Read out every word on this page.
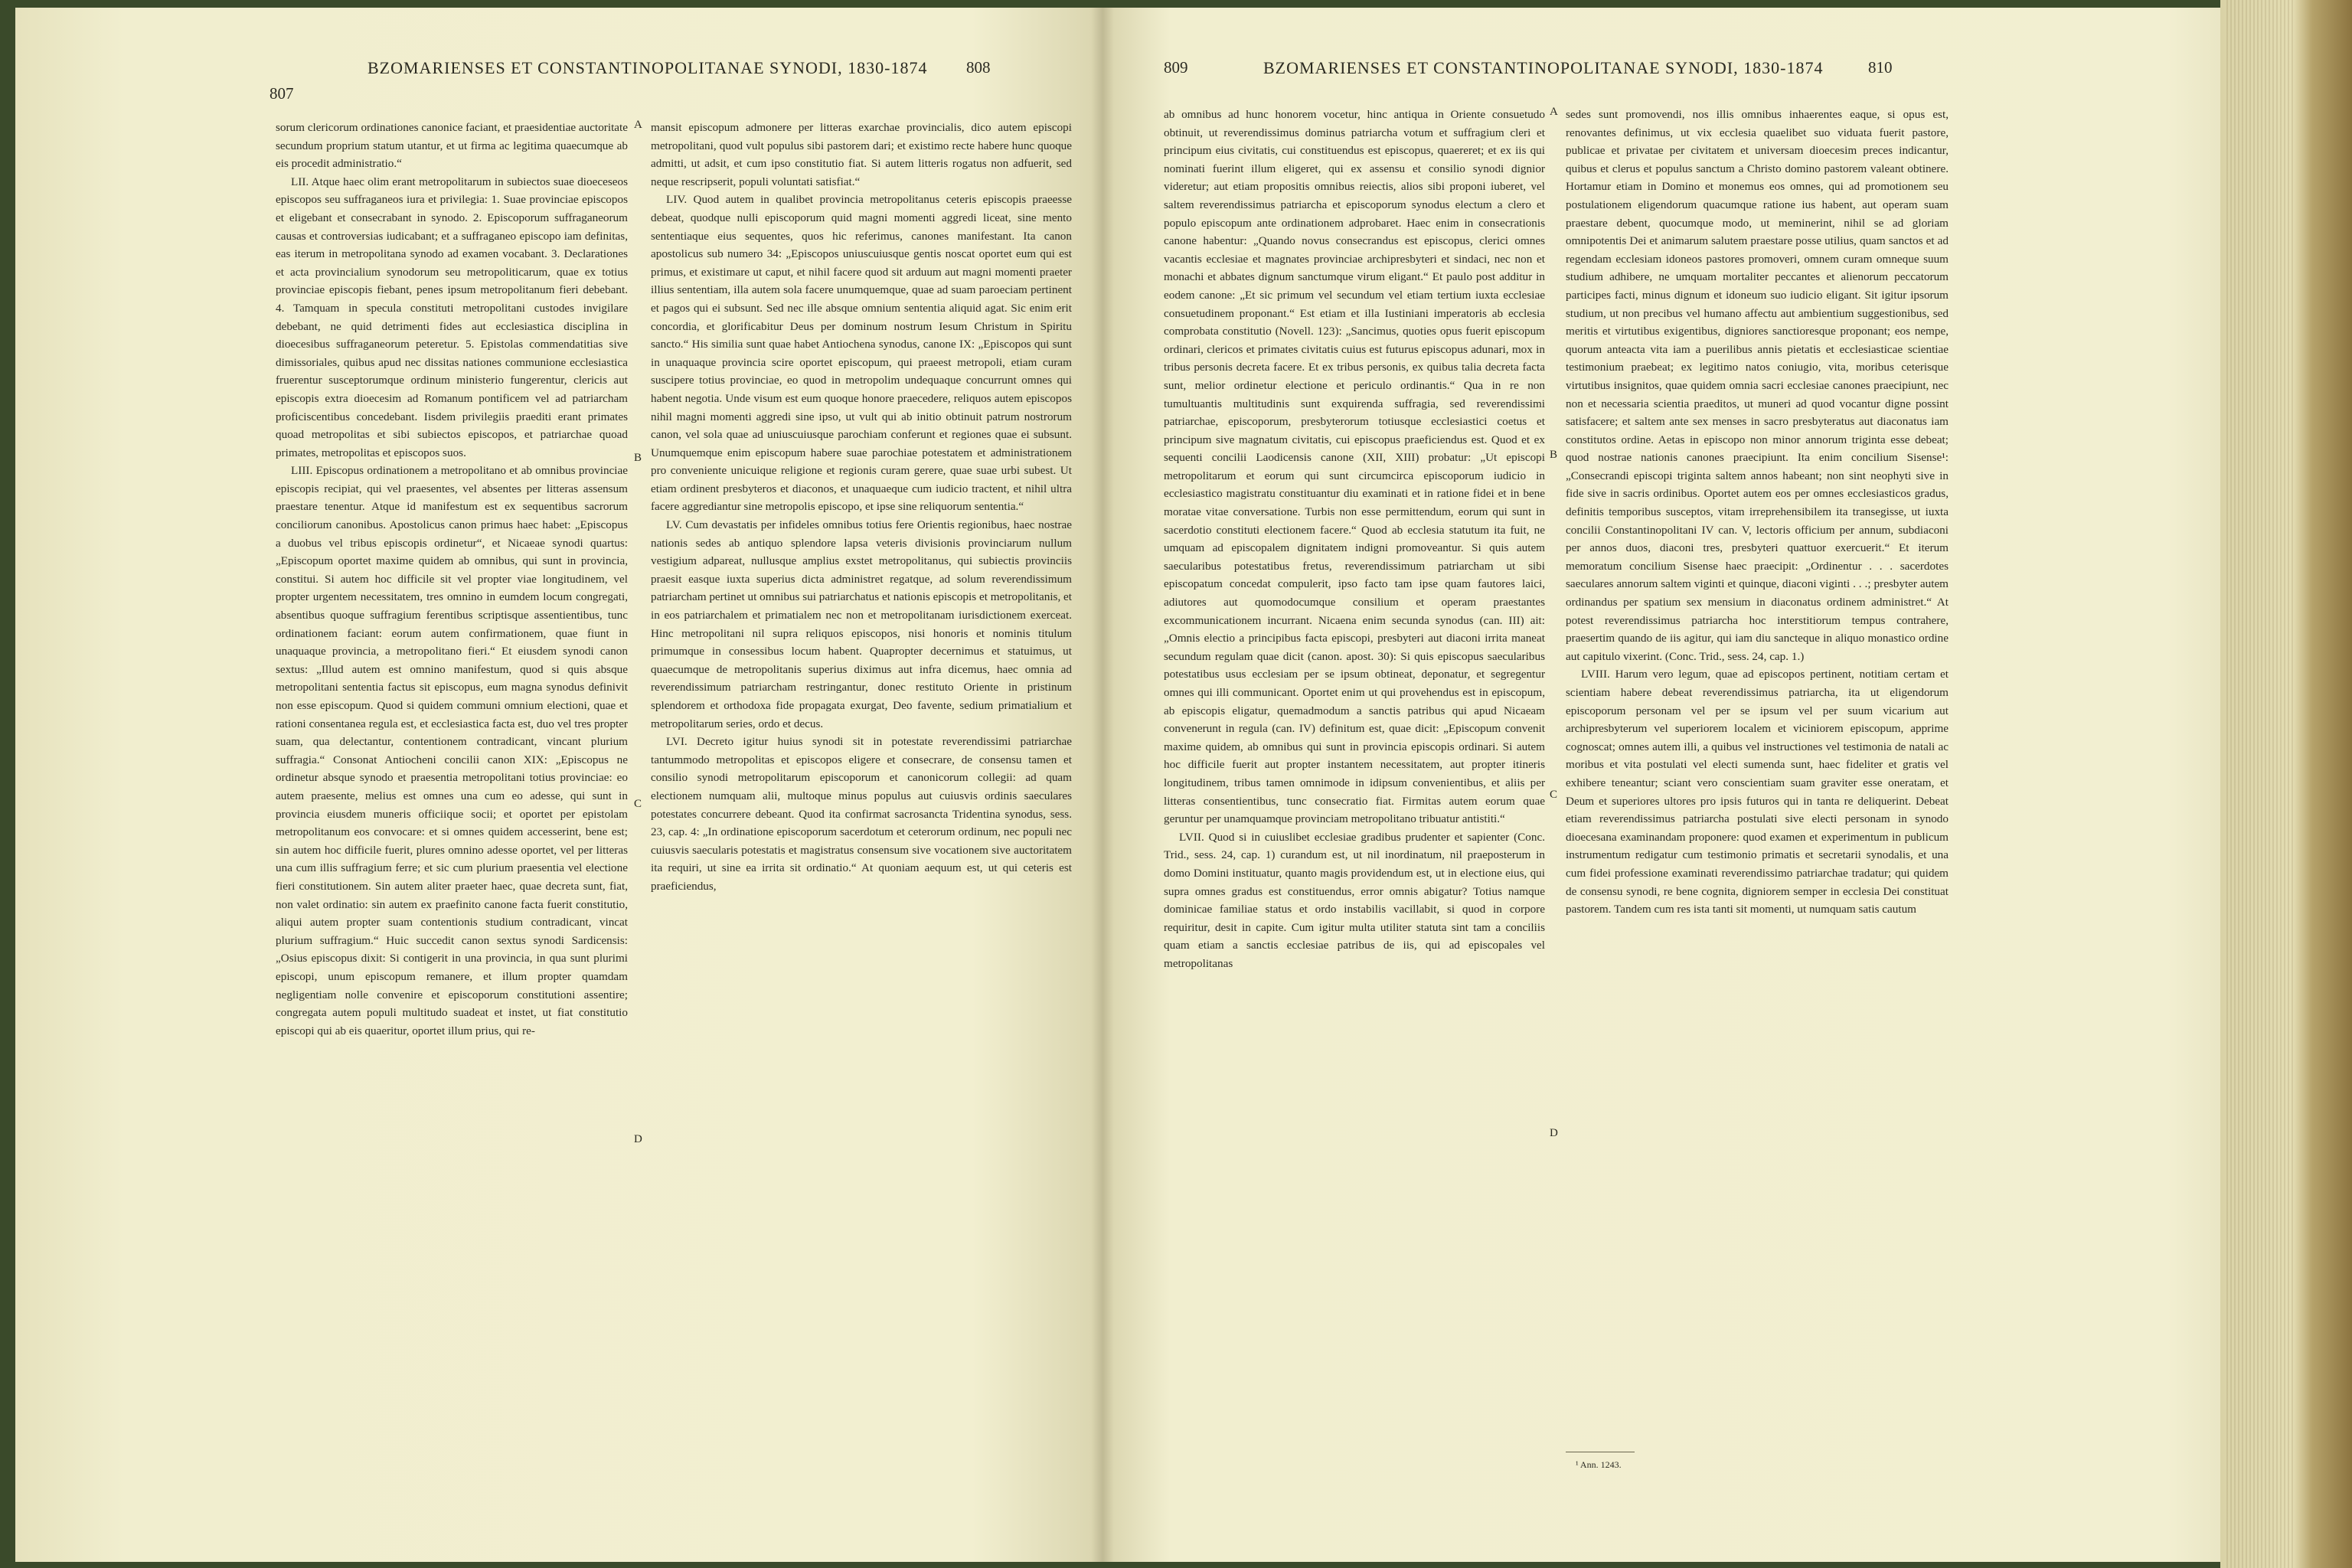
807
BZOMARIENSES ET CONSTANTINOPOLITANAE SYNODI, 1830-1874 808

sorum clericorum ordinationes canonice faciant, et praesidentiae auctoritate secundum proprium statum utantur, et ut firma ac legitima quaecumque ab eis procedit administratio.“

LII. Atque haec olim erant metropolitarum in subiectos suae dioeceseos episcopos seu suffraganeos iura et privilegia: 1. Suae provinciae episcopos et eligebant et consecrabant in synodo. 2. Episcoporum suffraganeorum causas et controversias iudicabant; et a suffraganeo episcopo iam definitas, eas iterum in metropolitana synodo ad examen vocabant. 3. Declarationes et acta provincialium synodorum seu metropoliticarum, quae ex totius provinciae episcopis fiebant, penes ipsum metropolitanum fieri debebant. 4. Tamquam in specula constituti metropolitani custodes invigilare debebant, ne quid detrimenti fides aut ecclesiastica disciplina in dioecesibus suffraganeorum peteretur. 5. Epistolas commendatitias sive dimissoriales, quibus apud nec dissitas nationes communione ecclesiastica fruerentur susceptorumque ordinum ministerio fungerentur, clericis aut episcopis extra dioecesim ad Romanum pontificem vel ad patriarcham proficiscentibus concedebant. Iisdem privilegiis praediti erant primates quoad metropolitas et sibi subiectos episcopos, et patriarchae quoad primates, metropolitas et episcopos suos.

LIII. Episcopus ordinationem a metropolitano et ab omnibus provinciae episcopis recipiat, qui vel praesentes, vel absentes per litteras assensum praestare tenentur. Atque id manifestum est ex sequentibus sacrorum conciliorum canonibus. Apostolicus canon primus haec habet: „Episcopus a duobus vel tribus episcopis ordinetur“, et Nicaeae synodi quartus: „Episcopum oportet maxime quidem ab omnibus, qui sunt in provincia, constitui. Si autem hoc difficile sit vel propter viae longitudinem, vel propter urgentem necessitatem, tres omnino in eumdem locum congregati, absentibus quoque suffragium ferentibus scriptisque assentientibus, tunc ordinationem faciant: eorum autem confirmationem, quae fiunt in unaquaque provincia, a metropolitano fieri.“ Et eiusdem synodi canon sextus: „Illud autem est omnino manifestum, quod si quis absque metropolitani sententia factus sit episcopus, eum magna synodus definivit non esse episcopum. Quod si quidem communi omnium electioni, quae et rationi consentanea regula est, et ecclesiastica facta est, duo vel tres propter suam, qua delectantur, contentionem contradicant, vincant plurium suffragia.“ Consonat Antiocheni concilii canon XIX: „Episcopus ne ordinetur absque synodo et praesentia metropolitani totius provinciae: eo autem praesente, melius est omnes una cum eo adesse, qui sunt in provincia eiusdem muneris officiique socii; et oportet per epistolam metropolitanum eos convocare: et si omnes quidem accesserint, bene est; sin autem hoc difficile fuerit, plures omnino adesse oportet, vel per litteras una cum illis suffragium ferre; et sic cum plurium praesentia vel electione fieri constitutionem. Sin autem aliter praeter haec, quae decreta sunt, fiat, non valet ordinatio: sin autem ex praefinito canone facta fuerit constitutio, aliqui autem propter suam contentionis studium contradicant, vincat plurium suffragium.“ Huic succedit canon sextus synodi Sardicensis: „Osius episcopus dixit: Si contigerit in una provincia, in qua sunt plurimi episcopi, unum episcopum remanere, et illum propter quamdam negligentiam nolle convenire et episcoporum constitutioni assentire; congregata autem populi multitudo suadeat et instet, ut fiat constitutio episcopi qui ab eis quaeritur, oportet illum prius, qui re-

A
B
C
D

mansit episcopum admonere per litteras exarchae provincialis, dico autem episcopi metropolitani, quod vult populus sibi pastorem dari; et existimo recte habere hunc quoque admitti, ut adsit, et cum ipso constitutio fiat. Si autem litteris rogatus non adfuerit, sed neque rescripserit, populi voluntati satisfiat.“

LIV. Quod autem in qualibet provincia metropolitanus ceteris episcopis praeesse debeat, quodque nulli episcoporum quid magni momenti aggredi liceat, sine mento sententiaque eius sequentes, quos hic referimus, canones manifestant. Ita canon apostolicus sub numero 34: „Episcopos uniuscuiusque gentis noscat oportet eum qui est primus, et existimare ut caput, et nihil facere quod sit arduum aut magni momenti praeter illius sententiam, illa autem sola facere unumquemque, quae ad suam paroeciam pertinent et pagos qui ei subsunt. Sed nec ille absque omnium sententia aliquid agat. Sic enim erit concordia, et glorificabitur Deus per dominum nostrum Iesum Christum in Spiritu sancto.“ His similia sunt quae habet Antiochena synodus, canone IX: „Episcopos qui sunt in unaquaque provincia scire oportet episcopum, qui praeest metropoli, etiam curam suscipere totius provinciae, eo quod in metropolim undequaque concurrunt omnes qui habent negotia. Unde visum est eum quoque honore praecedere, reliquos autem episcopos nihil magni momenti aggredi sine ipso, ut vult qui ab initio obtinuit patrum nostrorum canon, vel sola quae ad uniuscuiusque parochiam conferunt et regiones quae ei subsunt. Unumquemque enim episcopum habere suae parochiae potestatem et administrationem pro conveniente unicuique religione et regionis curam gerere, quae suae urbi subest. Ut etiam ordinent presbyteros et diaconos, et unaquaeque cum iudicio tractent, et nihil ultra facere aggrediantur sine metropolis episcopo, et ipse sine reliquorum sententia.“

LV. Cum devastatis per infideles omnibus totius fere Orientis regionibus, haec nostrae nationis sedes ab antiquo splendore lapsa veteris divisionis provinciarum nullum vestigium adpareat, nullusque amplius exstet metropolitanus, qui subiectis provinciis praesit easque iuxta superius dicta administret regatque, ad solum reverendissimum patriarcham pertinet ut omnibus sui patriarchatus et nationis episcopis et metropolitanis, et in eos patriarchalem et primatialem nec non et metropolitanam iurisdictionem exerceat. Hinc metropolitani nil supra reliquos episcopos, nisi honoris et nominis titulum primumque in consessibus locum habent. Quapropter decernimus et statuimus, ut quaecumque de metropolitanis superius diximus aut infra dicemus, haec omnia ad reverendissimum patriarcham restringantur, donec restituto Oriente in pristinum splendorem et orthodoxa fide propagata exurgat, Deo favente, sedium primatialium et metropolitarum series, ordo et decus.

LVI. Decreto igitur huius synodi sit in potestate reverendissimi patriarchae tantummodo metropolitas et episcopos eligere et consecrare, de consensu tamen et consilio synodi metropolitarum episcoporum et canonicorum collegii: ad quam electionem numquam alii, multoque minus populus aut cuiusvis ordinis saeculares potestates concurrere debeant. Quod ita confirmat sacrosancta Tridentina synodus, sess. 23, cap. 4: „In ordinatione episcoporum sacerdotum et ceterorum ordinum, nec populi nec cuiusvis saecularis potestatis et magistratus consensum sive vocationem sive auctoritatem ita requiri, ut sine ea irrita sit ordinatio.“ At quoniam aequum est, ut qui ceteris est praeficiendus,

809	BZOMARIENSES ET CONSTANTINOPOLITANAE SYNODI, 1830-1874	810

ab omnibus ad hunc honorem vocetur, hinc antiqua in Oriente consuetudo obtinuit, ut reverendissimus dominus patriarcha votum et suffragium cleri et principum eius civitatis, cui constituendus est episcopus, quaereret; et ex iis qui nominati fuerint illum eligeret, qui ex assensu et consilio synodi dignior videretur; aut etiam propositis omnibus reiectis, alios sibi proponi iuberet, vel saltem reverendissimus patriarcha et episcoporum synodus electum a clero et populo episcopum ante ordinationem adprobaret. Haec enim in consecrationis canone habentur: „Quando novus consecrandus est episcopus, clerici omnes vacantis ecclesiae et magnates provinciae archipresbyteri et sindaci, nec non et monachi et abbates dignum sanctumque virum eligant.“ Et paulo post additur in eodem canone: „Et sic primum vel secundum vel etiam tertium iuxta ecclesiae consuetudinem proponant.“ Est etiam et illa Iustiniani imperatoris ab ecclesia comprobata constitutio (Novell. 123): „Sancimus, quoties opus fuerit episcopum ordinari, clericos et primates civitatis cuius est futurus episcopus adunari, mox in tribus personis decreta facere. Et ex tribus personis, ex quibus talia decreta facta sunt, melior ordinetur electione et periculo ordinantis.“ Qua in re non tumultuantis multitudinis sunt exquirenda suffragia, sed reverendissimi patriarchae, episcoporum, presbyterorum totiusque ecclesiastici coetus et principum sive magnatum civitatis, cui episcopus praeficiendus est. Quod et ex sequenti concilii Laodicensis canone (XII, XIII) probatur: „Ut episcopi metropolitarum et eorum qui sunt circumcirca episcoporum iudicio in ecclesiastico magistratu constituantur diu examinati et in ratione fidei et in bene moratae vitae conversatione. Turbis non esse permittendum, eorum qui sunt in sacerdotio constituti electionem facere.“ Quod ab ecclesia statutum ita fuit, ne umquam ad episcopalem dignitatem indigni promoveantur. Si quis autem saecularibus potestatibus fretus, reverendissimum patriarcham ut sibi episcopatum concedat compulerit, ipso facto tam ipse quam fautores laici, adiutores aut quomodocumque consilium et operam praestantes excommunicationem incurrant. Nicaena enim secunda synodus (can. III) ait: „Omnis electio a principibus facta episcopi, presbyteri aut diaconi irrita maneat secundum regulam quae dicit (canon. apost. 30): Si quis episcopus saecularibus potestatibus usus ecclesiam per se ipsum obtineat, deponatur, et segregentur omnes qui illi communicant. Oportet enim ut qui provehendus est in episcopum, ab episcopis eligatur, quemadmodum a sanctis patribus qui apud Nicaeam convenerunt in regula (can. IV) definitum est, quae dicit: „Episcopum convenit maxime quidem, ab omnibus qui sunt in provincia episcopis ordinari. Si autem hoc difficile fuerit aut propter instantem necessitatem, aut propter itineris longitudinem, tribus tamen omnimode in idipsum convenientibus, et aliis per litteras consentientibus, tunc consecratio fiat. Firmitas autem eorum quae geruntur per unamquamque provinciam metropolitano tribuatur antistiti.“

LVII. Quod si in cuiuslibet ecclesiae gradibus prudenter et sapienter (Conc. Trid., sess. 24, cap. 1) curandum est, ut nil inordinatum, nil praeposterum in domo Domini instituatur, quanto magis providendum est, ut in electione eius, qui supra omnes gradus est constituendus, error omnis abigatur? Totius namque dominicae familiae status et ordo instabilis vacillabit, si quod in corpore requiritur, desit in capite. Cum igitur multa utiliter statuta sint tam a conciliis quam etiam a sanctis ecclesiae patribus de iis, qui ad episcopales vel metropolitanas

A
B
C
D

sedes sunt promovendi, nos illis omnibus inhaerentes eaque, si opus est, renovantes definimus, ut vix ecclesia quaelibet suo viduata fuerit pastore, publicae et privatae per civitatem et universam dioecesim preces indicantur, quibus et clerus et populus sanctum a Christo domino pastorem valeant obtinere. Hortamur etiam in Domino et monemus eos omnes, qui ad promotionem seu postulationem eligendorum quacumque ratione ius habent, aut operam suam praestare debent, quocumque modo, ut meminerint, nihil se ad gloriam omnipotentis Dei et animarum salutem praestare posse utilius, quam sanctos et ad regendam ecclesiam idoneos pastores promoveri, omnem curam omneque suum studium adhibere, ne umquam mortaliter peccantes et alienorum peccatorum participes facti, minus dignum et idoneum suo iudicio eligant. Sit igitur ipsorum studium, ut non precibus vel humano affectu aut ambientium suggestionibus, sed meritis et virtutibus exigentibus, digniores sanctioresque proponant; eos nempe, quorum anteacta vita iam a puerilibus annis pietatis et ecclesiasticae scientiae testimonium praebeat; ex legitimo natos coniugio, vita, moribus ceterisque virtutibus insignitos, quae quidem omnia sacri ecclesiae canones praecipiunt, nec non et necessaria scientia praeditos, ut muneri ad quod vocantur digne possint satisfacere; et saltem ante sex menses in sacro presbyteratus aut diaconatus iam constitutos ordine. Aetas in episcopo non minor annorum triginta esse debeat; quod nostrae nationis canones praecipiunt. Ita enim concilium Sisense¹: „Consecrandi episcopi triginta saltem annos habeant; non sint neophyti sive in fide sive in sacris ordinibus. Oportet autem eos per omnes ecclesiasticos gradus, definitis temporibus susceptos, vitam irreprehensibilem ita transegisse, ut iuxta concilii Constantinopolitani IV can. V, lectoris officium per annum, subdiaconi per annos duos, diaconi tres, presbyteri quattuor exercuerit.“ Et iterum memoratum concilium Sisense haec praecipit: „Ordinentur . . . sacerdotes saeculares annorum saltem viginti et quinque, diaconi viginti . . .; presbyter autem ordinandus per spatium sex mensium in diaconatus ordinem administret.“ At potest reverendissimus patriarcha hoc interstitiorum tempus contrahere, praesertim quando de iis agitur, qui iam diu sancteque in aliquo monastico ordine aut capitulo vixerint. (Conc. Trid., sess. 24, cap. 1.)

LVIII. Harum vero legum, quae ad episcopos pertinent, notitiam certam et scientiam habere debeat reverendissimus patriarcha, ita ut eligendorum episcoporum personam vel per se ipsum vel per suum vicarium aut archipresbyterum vel superiorem localem et viciniorem episcopum, apprime cognoscat; omnes autem illi, a quibus vel instructiones vel testimonia de natali ac moribus et vita postulati vel electi sumenda sunt, haec fideliter et gratis vel exhibere teneantur; sciant vero conscientiam suam graviter esse oneratam, et Deum et superiores ultores pro ipsis futuros qui in tanta re deliquerint. Debeat etiam reverendissimus patriarcha postulati sive electi personam in synodo dioecesana examinandam proponere: quod examen et experimentum in publicum instrumentum redigatur cum testimonio primatis et secretarii synodalis, et una cum fidei professione examinati reverendissimo patriarchae tradatur; qui quidem de consensu synodi, re bene cognita, digniorem semper in ecclesia Dei constituat pastorem. Tandem cum res ista tanti sit momenti, ut numquam satis cautum

¹ Ann. 1243.
